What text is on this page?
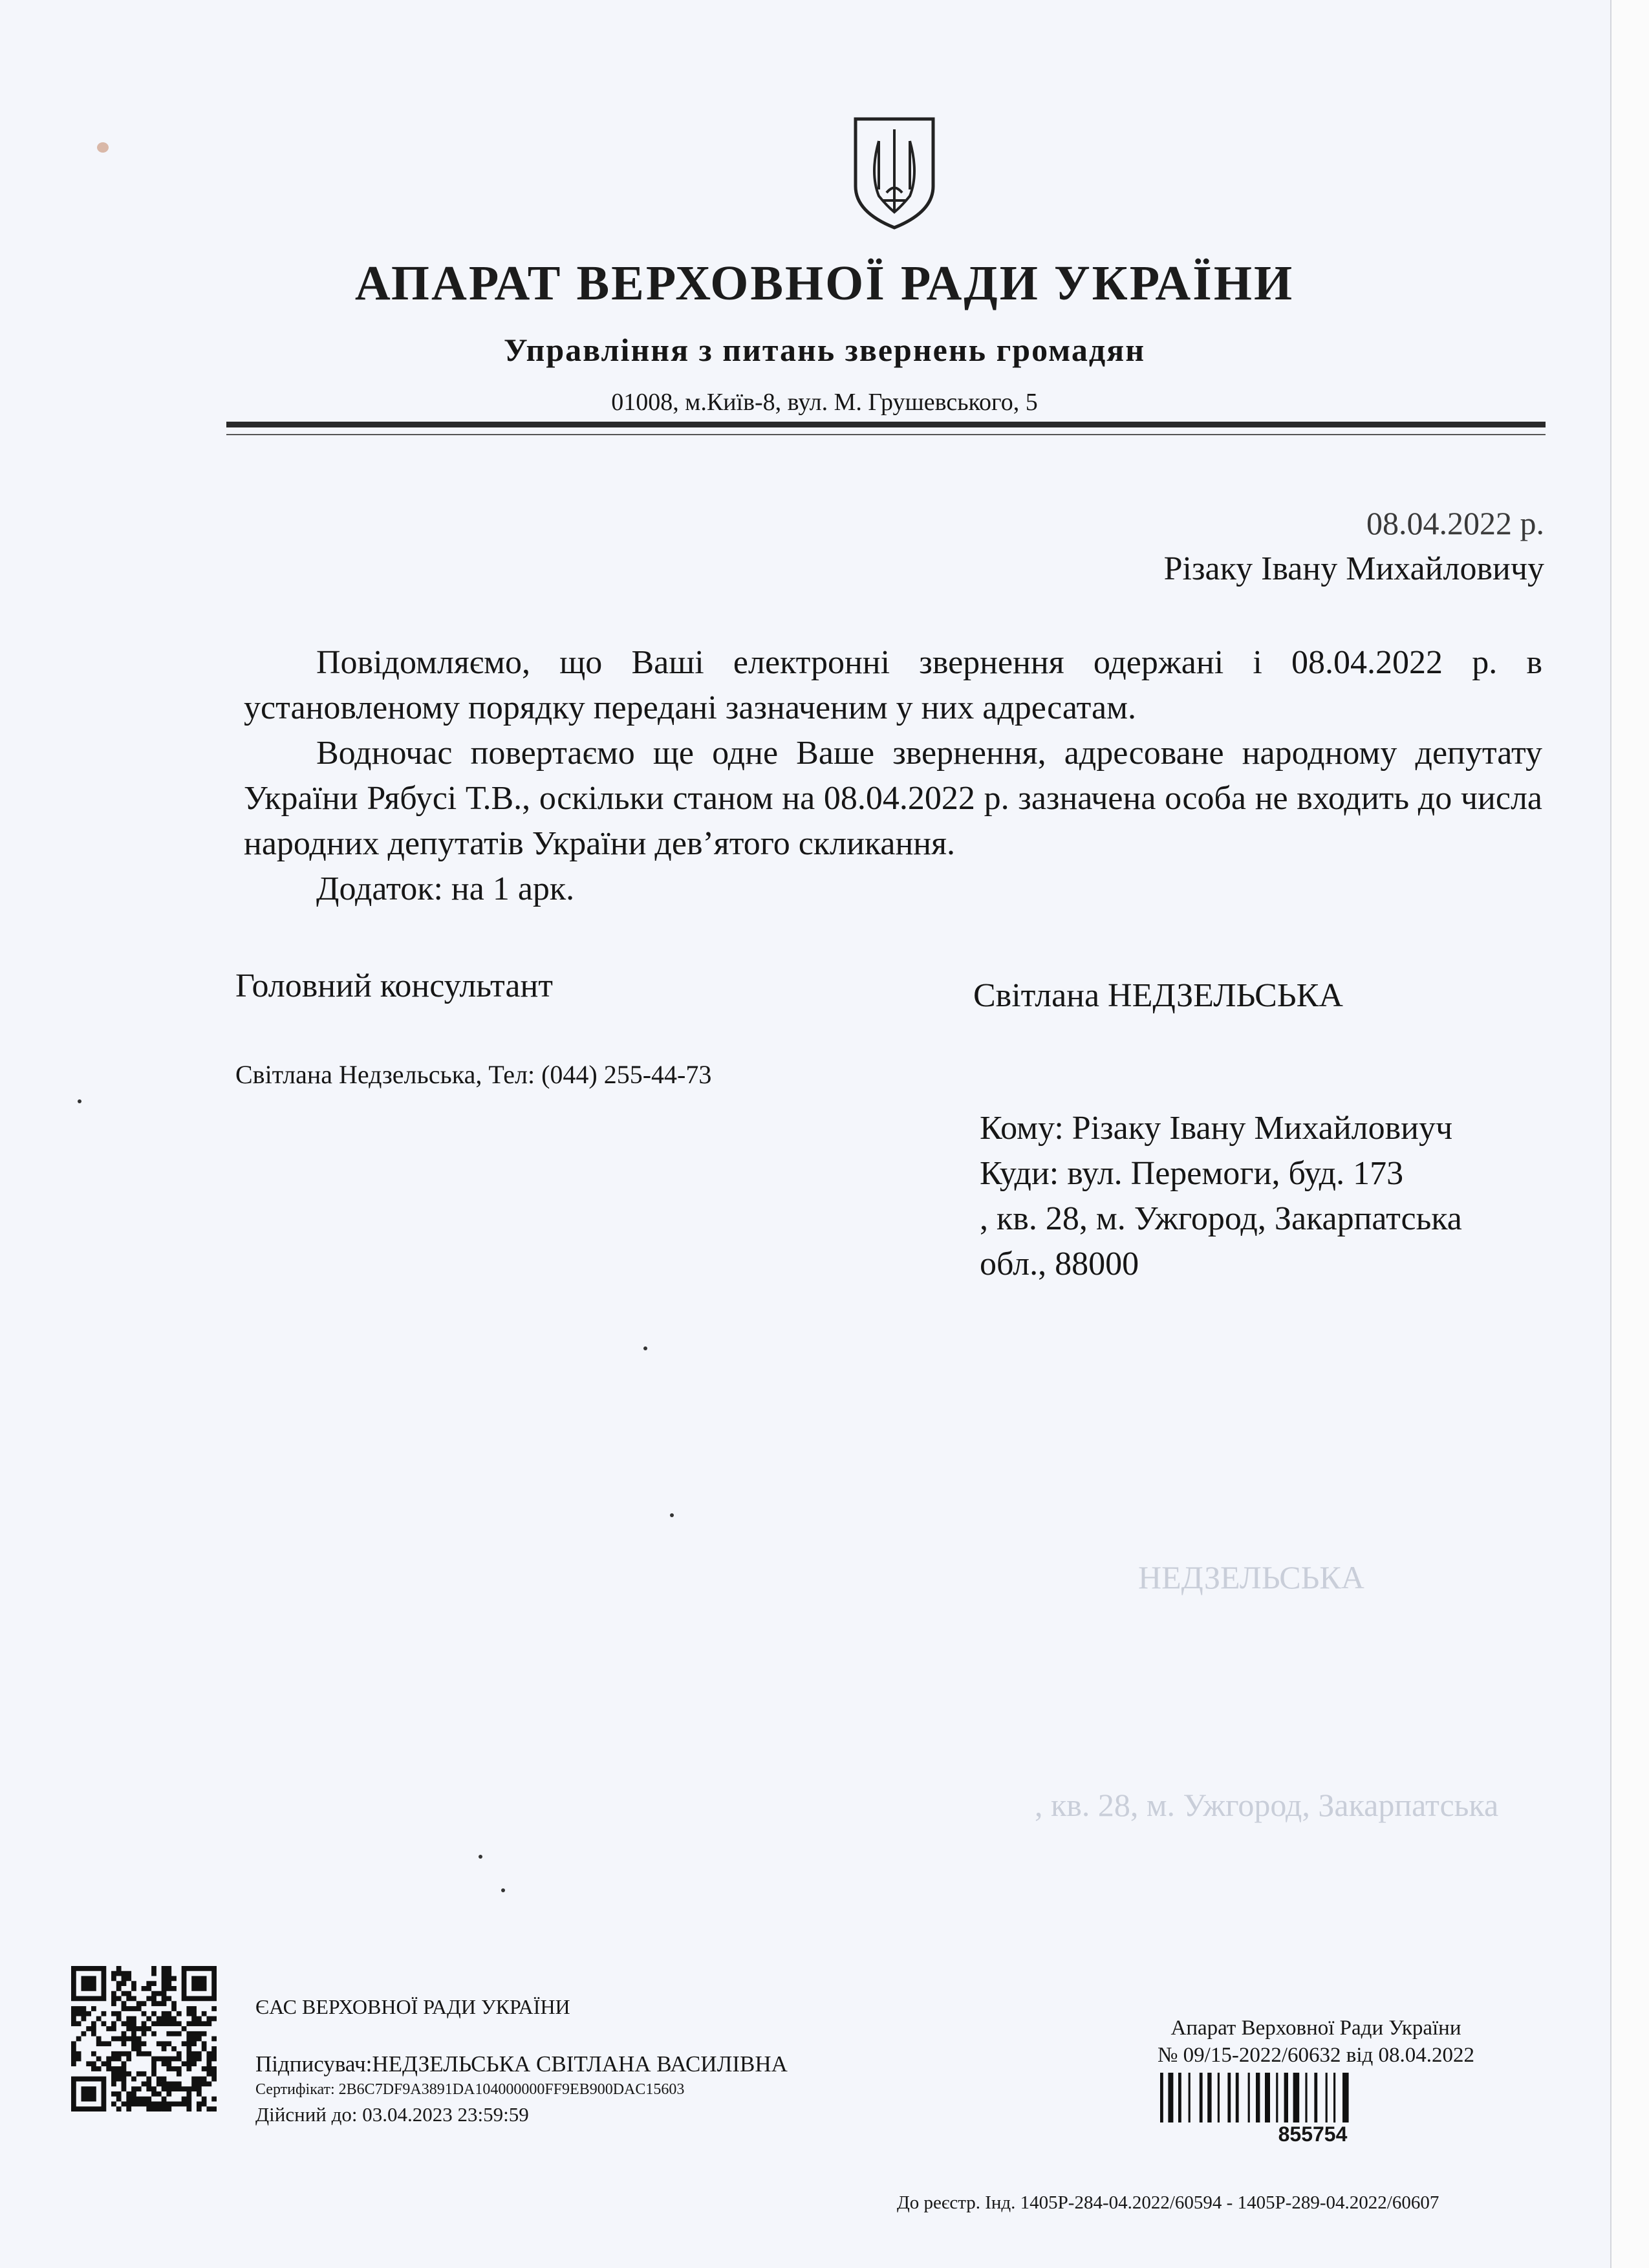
АПАРАТ ВЕРХОВНОЇ РАДИ УКРАЇНИ
Управління з питань звернень громадян
01008, м.Київ-8, вул. М. Грушевського, 5
08.04.2022 р.
Різаку Івану Михайловичу
Повідомляємо, що Ваші електронні звернення одержані і 08.04.2022 р. в установленому порядку передані зазначеним у них адресатам.
Водночас повертаємо ще одне Ваше звернення, адресоване народному депутату України Рябусі Т.В., оскільки станом на 08.04.2022 р. зазначена особа не входить до числа народних депутатів України дев’ятого скликання.
Додаток: на 1 арк.
Головний консультант	Світлана НЕДЗЕЛЬСЬКА
Світлана Недзельська, Тел: (044) 255-44-73
Кому: Різаку Івану Михайловиуч
Куди: вул. Перемоги, буд. 173
, кв. 28, м. Ужгород, Закарпатська
обл., 88000
НЕДЗЕЛЬСЬКА
, кв. 28, м. Ужгород, Закарпатська
ЄАС ВЕРХОВНОЇ РАДИ УКРАЇНИ
Підписувач:НЕДЗЕЛЬСЬКА СВІТЛАНА ВАСИЛІВНА
Сертифікат: 2B6C7DF9A3891DA104000000FF9EB900DAC15603
Дійсний до: 03.04.2023 23:59:59
Апарат Верховної Ради України
№ 09/15-2022/60632 від 08.04.2022
855754
До реєстр. Інд. 1405Р-284-04.2022/60594 - 1405Р-289-04.2022/60607
